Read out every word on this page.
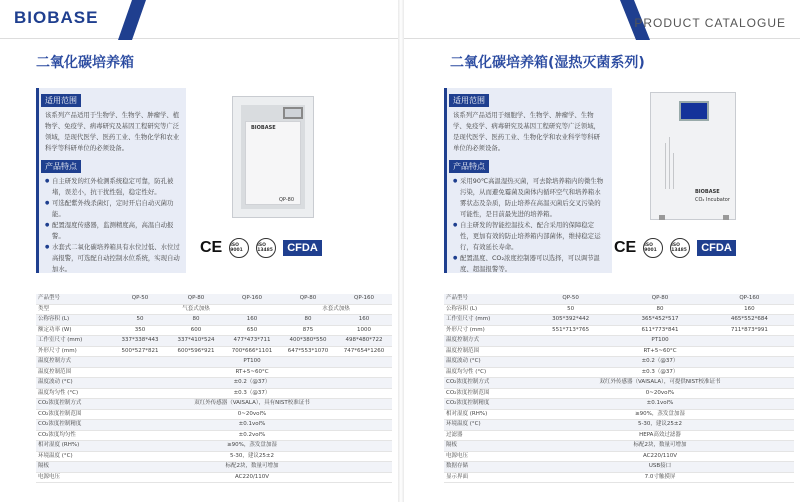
BIOBASE
二氧化碳培养箱
适用范围
该系列产品适用于生物学、生物学、肿瘤学、植物学、免疫学、病毒研究及基因工程研究等广泛领域，是现代医学、医药工业、生物化学和农业科学等科研单位的必须设备。
产品特点
● 自主研发的红外检测系统稳定可靠，防孔被堵，误差小，抗干扰性强，稳定性好。
● 可选配紫外线杀菌灯，定时开启自动灭菌功能。
● 配置湿度传感器，监测精度高，高温自动报警。
● 水套式二氧化碳培养箱具有水位过低、水位过高报警，可选配自动控制水位系统，实现自动加水。
BIOBASE
QP-80
CE ISO 9001
ISO 13485	CFDA
产品型号	QP-50	QP-80	QP-160	QP-80	QP-160
类型	气套式加热			水套式加热	
公称容积 (L)	50	80	160	80	160
额定功率 (W)	350	600	650	875	1000
工作室尺寸 (mm)	337*338*443	337*410*524	477*473*711	400*380*550	498*480*722
外形尺寸 (mm)	500*527*821	600*596*921	700*666*1101	647*553*1070	747*654*1260
温度控制方式	PT100				
温度控制范围	RT+5~60°C				
温度波动 (°C)	±0.2（@37）				
温度均匀性 (°C)	±0.3（@37）				
CO₂浓度控制方式	双红外传感器（VAISALA），具有NIST校准证书				
CO₂浓度控制范围	0~20vol%				
CO₂浓度控制精度	±0.1vol%				
CO₂浓度均匀性	±0.2vol%				
相对湿度 (RH%)	≥90%，蒸发盘加湿				
环境温度 (°C)	5-30，建议25±2				
隔板	标配2块，数量可增加				
电源电压	AC220/110V				
PRODUCT CATALOGUE
二氧化碳培养箱(湿热灭菌系列)
适用范围
该系列产品适用于细胞学、生物学、肿瘤学、生物学、免疫学、病毒研究及基因工程研究等广泛领域，是现代医学、医药工业、生物化学和农业科学等科研单位的必须设备。
产品特点
● 采用90℃高温湿热灭菌，可去除培养箱内的微生物污染，从而避免霉菌及菌体内循环空气和培养箱水雾状态及杂质，防止培养在高温灭菌后交叉污染的可能性，是目前最先进的培养箱。
● 自主研发的智能控温技术、配合采用的保障稳定性，更加有效的防止培养箱内部菌体，维持稳定运行，有效延长寿命。
● 配置温度、CO₂浓度控制器可以选择，可以调节温度、超温报警等。
BIOBASE
CO₂ Incubator
CE ISO 9001
ISO 13485	CFDA
产品型号	QP-50	QP-80	QP-160
公称容积 (L)	50	80	160
工作室尺寸 (mm)	305*392*442	365*452*517	465*552*684
外形尺寸 (mm)	551*713*765	611*773*841	711*873*991
温度控制方式	PT100		
温度控制范围	RT+5~60°C		
温度波动 (°C)	±0.2（@37）		
温度均匀性 (°C)	±0.3（@37）		
CO₂浓度控制方式	双红外传感器（VAISALA），可提供NIST校准证书		
CO₂浓度控制范围	0~20vol%		
CO₂浓度控制精度	±0.1vol%		
相对湿度 (RH%)	≥90%，蒸发盘加湿		
环境温度 (°C)	5-30，建议25±2		
过滤器	HEPA高效过滤器		
隔板	标配2块，数量可增加		
电源电压	AC220/110V		
数据存储	USB接口		
显示界面	7.0寸触摸屏		
